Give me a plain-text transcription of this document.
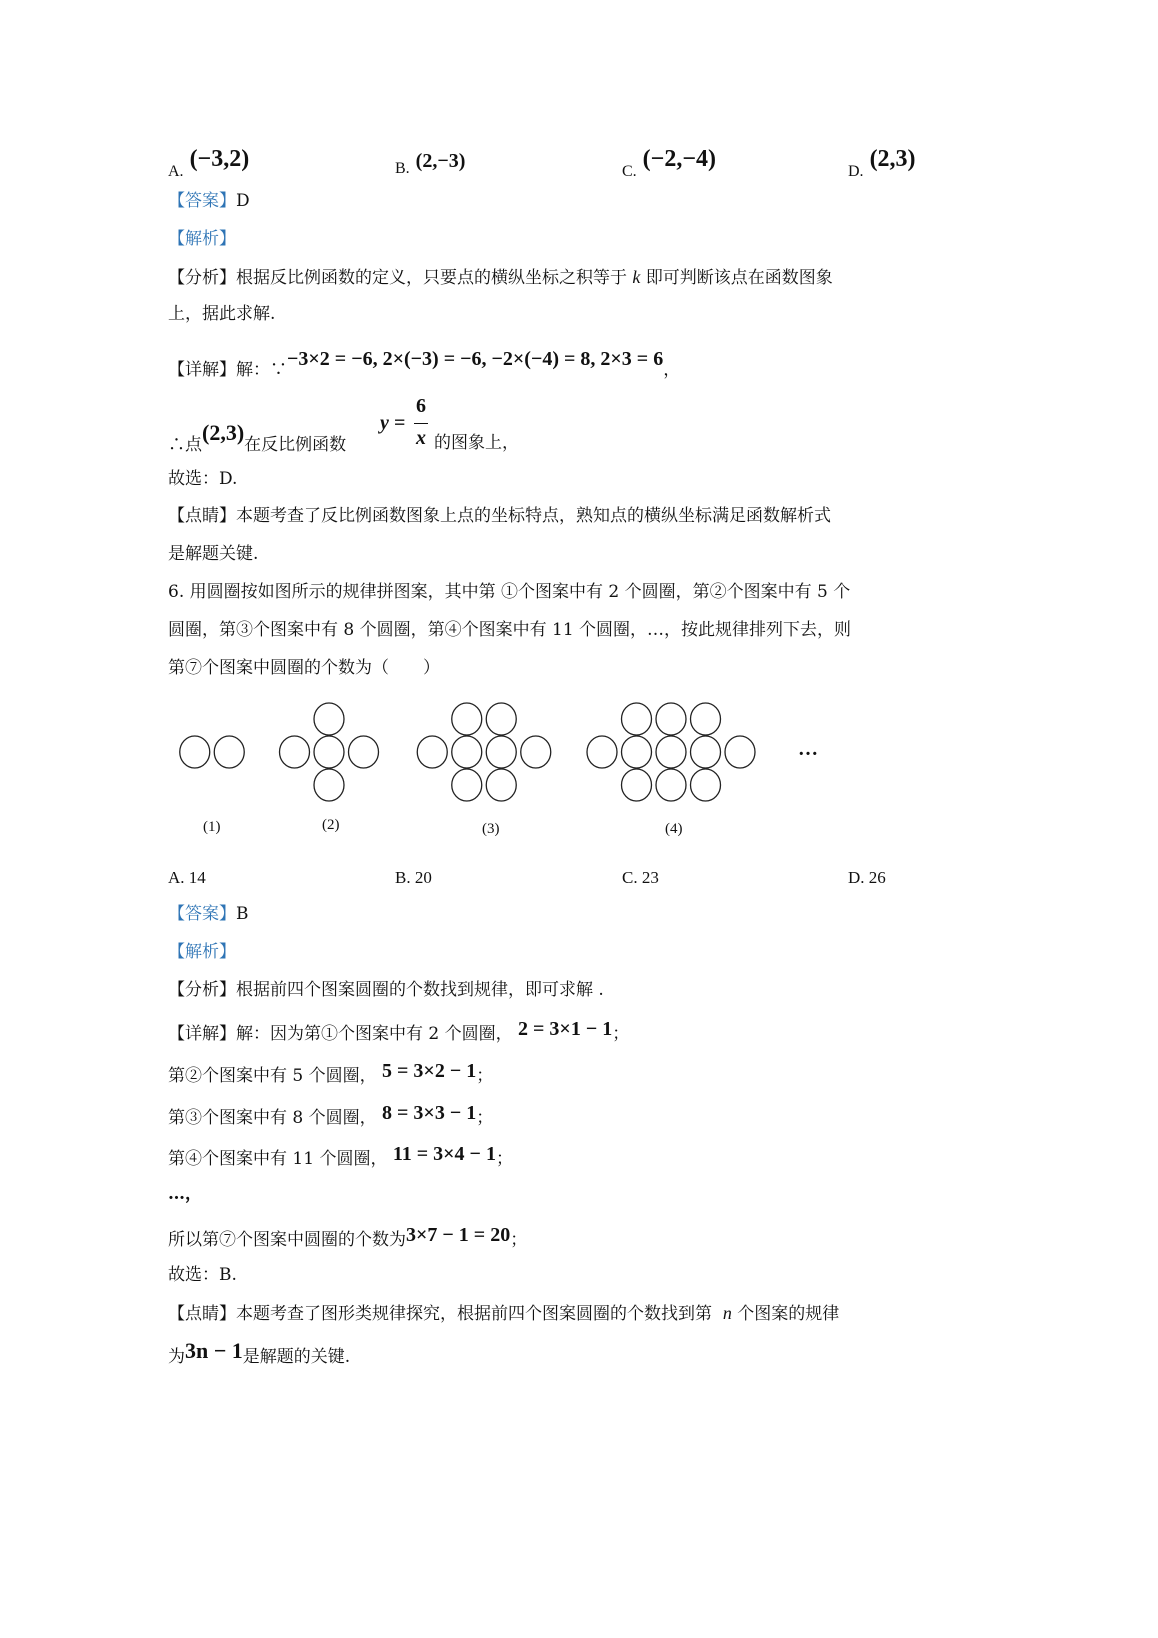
A. (−3,2)	B. (2,−3)	C. (−2,−4)	D. (2,3)
【答案】D
【解析】
【分析】根据反比例函数的定义，只要点的横纵坐标之积等于 k 即可判断该点在函数图象
上，据此求解.
【详解】解：∵−3×2 = −6, 2×(−3) = −6, −2×(−4) = 8, 2×3 = 6，
∴点(2,3)在反比例函数
y =
6
x 的图象上，
故选：D.
【点睛】本题考查了反比例函数图象上点的坐标特点，熟知点的横纵坐标满足函数解析式
是解题关键.
6. 用圆圈按如图所示的规律拼图案，其中第 ①个图案中有 2 个圆圈，第②个图案中有 5 个
圆圈，第③个图案中有 8 个圆圈，第④个图案中有 11 个圆圈，…，按此规律排列下去，则
第⑦个图案中圆圈的个数为（　　）
(1)	(2)	(3)	(4)
…
A. 14	B. 20	C. 23	D. 26
【答案】B
【解析】
【分析】根据前四个图案圆圈的个数找到规律，即可求解 .
【详解】解：因为第①个图案中有 2 个圆圈， 2 = 3×1 − 1；
第②个图案中有 5 个圆圈， 5 = 3×2 − 1；
第③个图案中有 8 个圆圈， 8 = 3×3 − 1；
第④个图案中有 11 个圆圈， 11 = 3×4 − 1；
…，
所以第⑦个图案中圆圈的个数为3×7 − 1 = 20；
故选：B.
【点睛】本题考查了图形类规律探究，根据前四个图案圆圈的个数找到第 n 个图案的规律
为3n − 1是解题的关键.
